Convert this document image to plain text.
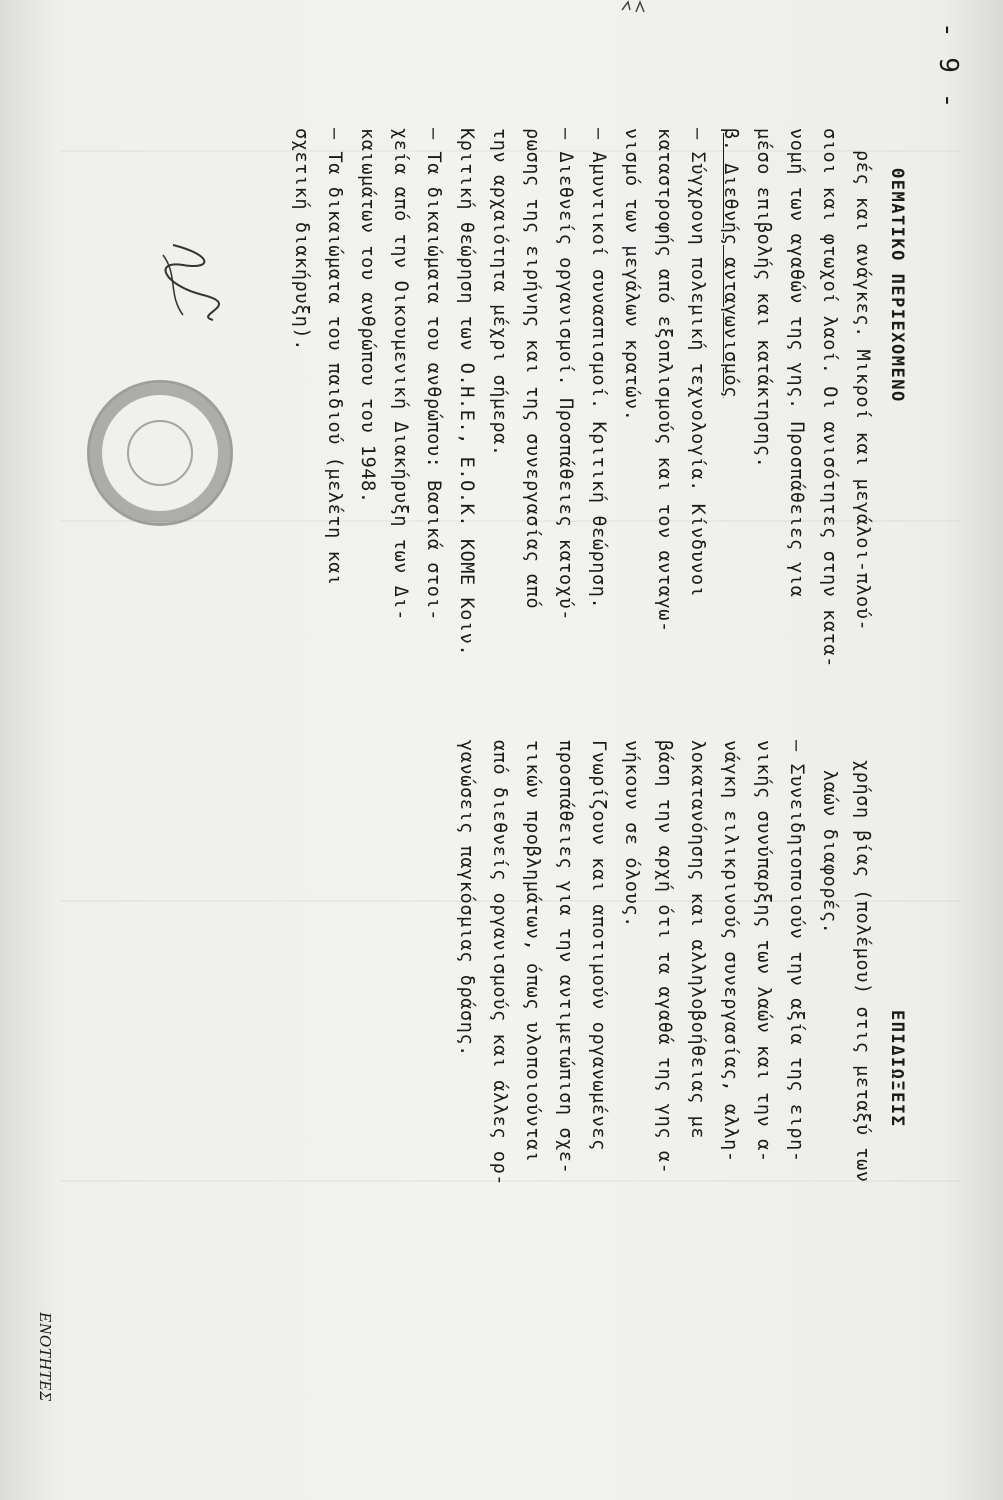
ΕΝΟΤΗΤΕΣ
- 9 -
ΕΠΙΔΙΩΞΕΙΣ
χρήση βίας (πολέμου) στις μεταξύ των
λαών διαφορές.
— Συνειδητοποιούν την αξία της ειρη-
νικής συνύπαρξης των λαών και την α-
νάγκη ειλικρινούς συνεργασίας, αλλη-
λοκατανόησης και αλληλοβοήθειας με
βάση την αρχή ότι τα αγαθά της γης α-
νήκουν σε όλους.
Γνωρίζουν και αποτιμούν οργανωμένες
προσπάθειες για την αντιμετώπιση σχε-
τικών προβλημάτων, όπως υλοποιούνται
από διεθνείς οργανισμούς και άλλες ορ-
γανώσεις παγκόσμιας δράσης.
ΘΕΜΑΤΙΚΟ ΠΕΡΙΕΧΟΜΕΝΟ
ρές και ανάγκες. Μικροί και μεγάλοι-πλού-
σιοι και φτωχοί λαοί. Οι ανισότητες στην κατα-
νομή των αγαθών της γης. Προσπάθειες για
μέσο επιβολής και κατάκτησης.
β. Διεθνής ανταγωνισμός
— Σύγχρονη πολεμική τεχνολογία. Κίνδυνοι
καταστροφής από εξοπλισμούς και τον ανταγω-
νισμό των μεγάλων κρατών.
— Αμυντικοί συνασπισμοί. Κριτική θεώρηση.
— Διεθνείς οργανισμοί. Προσπάθειες κατοχύ-
ρωσης της ειρήνης και της συνεργασίας από
την αρχαιότητα μέχρι σήμερα.
Κριτική θεώρηση των Ο.Η.Ε., Ε.Ο.Κ. ΚΟΜΕ Κοιν.
— Τα δικαιώματα του ανθρώπου: Βασικά στοι-
χεία από την Οικουμενική Διακήρυξη των Δι-
καιωμάτων του ανθρώπου του 1948.
— Τα δικαιώματα του παιδιού (μελέτη και
σχετική διακήρυξη).
